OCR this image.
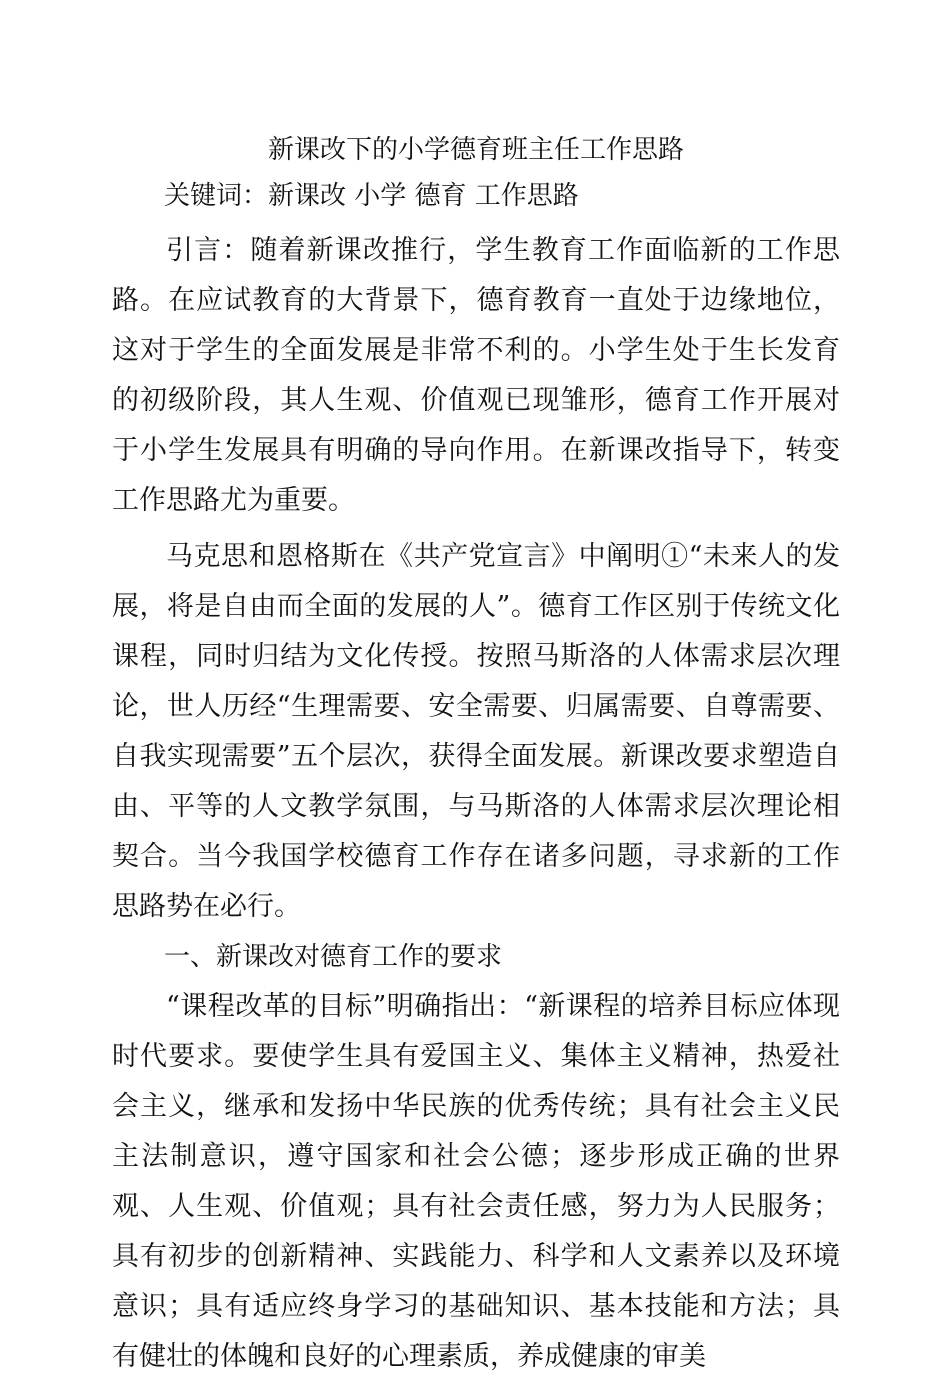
新课改下的小学德育班主任工作思路

关键词：新课改 小学 德育 工作思路

引言：随着新课改推行，学生教育工作面临新的工作思路。在应试教育的大背景下，德育教育一直处于边缘地位，这对于学生的全面发展是非常不利的。小学生处于生长发育的初级阶段，其人生观、价值观已现雏形，德育工作开展对于小学生发展具有明确的导向作用。在新课改指导下，转变工作思路尤为重要。

马克思和恩格斯在《共产党宣言》中阐明①“未来人的发展，将是自由而全面的发展的人”。德育工作区别于传统文化课程，同时归结为文化传授。按照马斯洛的人体需求层次理论，世人历经“生理需要、安全需要、归属需要、自尊需要、自我实现需要”五个层次，获得全面发展。新课改要求塑造自由、平等的人文教学氛围，与马斯洛的人体需求层次理论相契合。当今我国学校德育工作存在诸多问题，寻求新的工作思路势在必行。

一、新课改对德育工作的要求

“课程改革的目标”明确指出：“新课程的培养目标应体现时代要求。要使学生具有爱国主义、集体主义精神，热爱社会主义，继承和发扬中华民族的优秀传统；具有社会主义民主法制意识，遵守国家和社会公德；逐步形成正确的世界观、人生观、价值观；具有社会责任感，努力为人民服务；具有初步的创新精神、实践能力、科学和人文素养以及环境意识；具有适应终身学习的基础知识、基本技能和方法；具有健壮的体魄和良好的心理素质，养成健康的审美
